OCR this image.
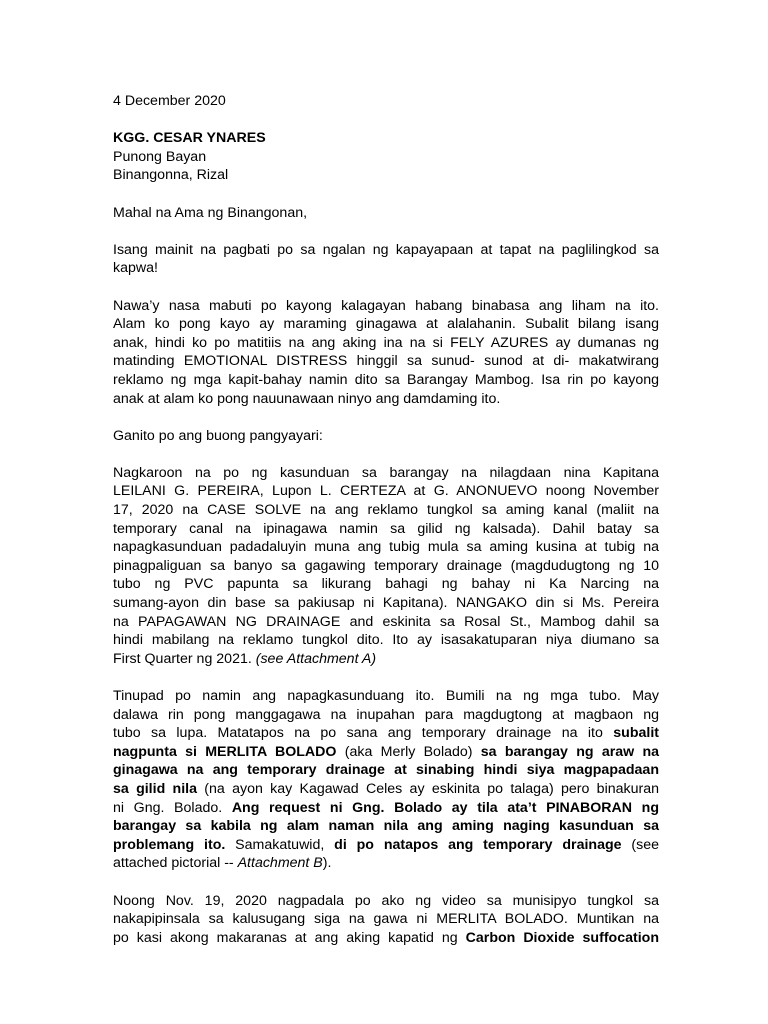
4 December 2020
KGG. CESAR YNARES
Punong Bayan
Binangonna, Rizal
Mahal na Ama ng Binangonan,
Isang mainit na pagbati po sa ngalan ng kapayapaan at tapat na paglilingkod sa
kapwa!
Nawa’y nasa mabuti po kayong kalagayan habang binabasa ang liham na ito.
Alam ko pong kayo ay maraming ginagawa at alalahanin. Subalit bilang isang
anak, hindi ko po matitiis na ang aking ina na si FELY AZURES ay dumanas ng
matinding EMOTIONAL DISTRESS hinggil sa sunud- sunod at di- makatwirang
reklamo ng mga kapit-bahay namin dito sa Barangay Mambog. Isa rin po kayong
anak at alam ko pong nauunawaan ninyo ang damdaming ito.
Ganito po ang buong pangyayari:
Nagkaroon na po ng kasunduan sa barangay na nilagdaan nina Kapitana
LEILANI G. PEREIRA, Lupon L. CERTEZA at G. ANONUEVO noong November
17, 2020 na CASE SOLVE na ang reklamo tungkol sa aming kanal (maliit na
temporary canal na ipinagawa namin sa gilid ng kalsada). Dahil batay sa
napagkasunduan padadaluyin muna ang tubig mula sa aming kusina at tubig na
pinagpaliguan sa banyo sa gagawing temporary drainage (magdudugtong ng 10
tubo ng PVC papunta sa likurang bahagi ng bahay ni Ka Narcing na
sumang-ayon din base sa pakiusap ni Kapitana). NANGAKO din si Ms. Pereira
na PAPAGAWAN NG DRAINAGE and eskinita sa Rosal St., Mambog dahil sa
hindi mabilang na reklamo tungkol dito. Ito ay isasakatuparan niya diumano sa
First Quarter ng 2021. (see Attachment A)
Tinupad po namin ang napagkasunduang ito. Bumili na ng mga tubo. May
dalawa rin pong manggagawa na inupahan para magdugtong at magbaon ng
tubo sa lupa. Matatapos na po sana ang temporary drainage na ito subalit
nagpunta si MERLITA BOLADO (aka Merly Bolado) sa barangay ng araw na
ginagawa na ang temporary drainage at sinabing hindi siya magpapadaan
sa gilid nila (na ayon kay Kagawad Celes ay eskinita po talaga) pero binakuran
ni Gng. Bolado. Ang request ni Gng. Bolado ay tila ata’t PINABORAN ng
barangay sa kabila ng alam naman nila ang aming naging kasunduan sa
problemang ito. Samakatuwid, di po natapos ang temporary drainage (see
attached pictorial -- Attachment B).
Noong Nov. 19, 2020 nagpadala po ako ng video sa munisipyo tungkol sa
nakapipinsala sa kalusugang siga na gawa ni MERLITA BOLADO. Muntikan na
po kasi akong makaranas at ang aking kapatid ng Carbon Dioxide suffocation
